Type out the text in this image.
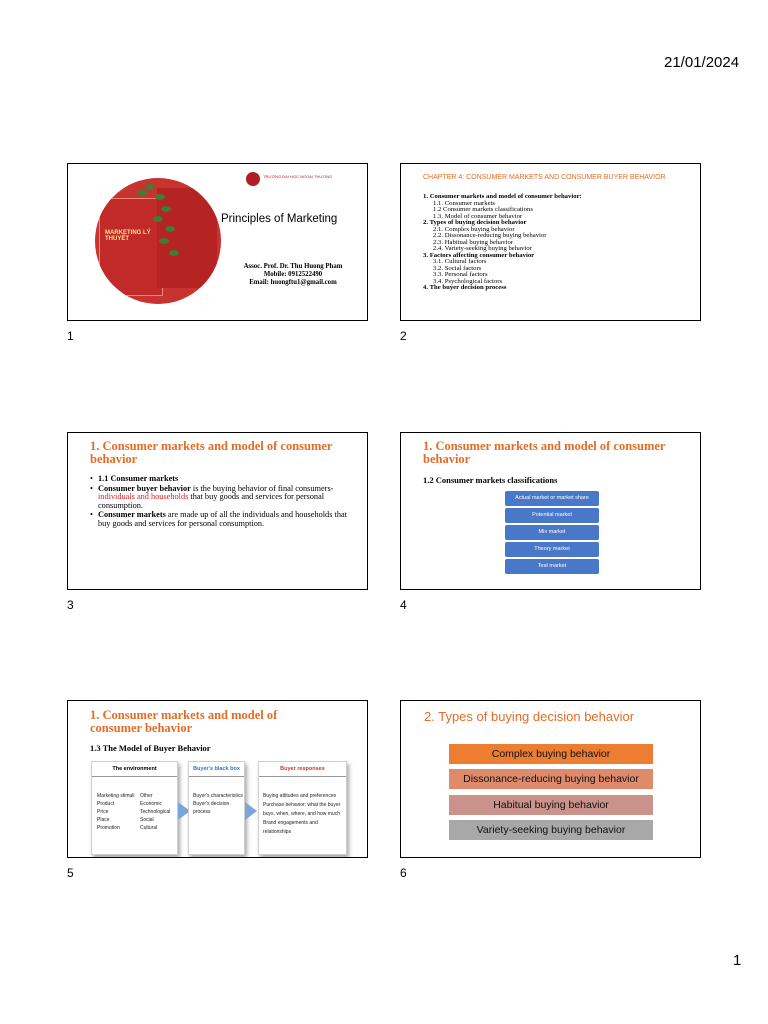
21/01/2024
MARKETING LÝ THUYẾT
TRƯỜNG ĐẠI HỌC NGOẠI THƯƠNG
Principles of Marketing
Assoc. Prof. Dr. Thu Huong Pham
Mobile: 0912522490
Email: huongftu1@gmail.com
1
CHAPTER 4: CONSUMER MARKETS AND CONSUMER BUYER BEHAVIOR
1. Consumer markets and model of consumer behavior:
1.1. Consumer markets
1.2 Consumer markets classifications
1.3. Model of consumer behavior
2. Types of buying decision behavior
2.1. Complex buying behavior
2.2. Dissonance-reducing buying behavior
2.3. Habitual buying behavior
2.4. Variety-seeking buying behavior
3. Factors affecting consumer behavior
3.1. Cultural factors
3.2. Social factors
3.3. Personal factors
3.4. Psychological factors
4. The buyer decision process
2
1. Consumer markets and model of consumer behavior
• 1.1 Consumer markets
• Consumer buyer behavior is the buying behavior of final consumers-individuals and households that buy goods and services for personal consumption.
• Consumer markets are made up of all the individuals and households that buy goods and services for personal consumption.
3
1. Consumer markets and model of consumer behavior
1.2 Consumer markets classifications
Actual market or market share
Potential market
Mix market
Theory market
Test market
4
1. Consumer markets and model of consumer behavior
1.3 The Model of Buyer Behavior
The environment
Marketing stimuli
Product
Price
Place
Promotion
Other
Economic
Technological
Social
Cultural
Buyer's black box
Buyer's characteristics
Buyer's decision process
Buyer responses
Buying attitudes and preferences
Purchase behavior: what the buyer buys, when, where, and how much
Brand engagements and relationships
5
2. Types of buying decision behavior
Complex buying behavior
Dissonance-reducing buying behavior
Habitual buying behavior
Variety-seeking buying behavior
6
1
